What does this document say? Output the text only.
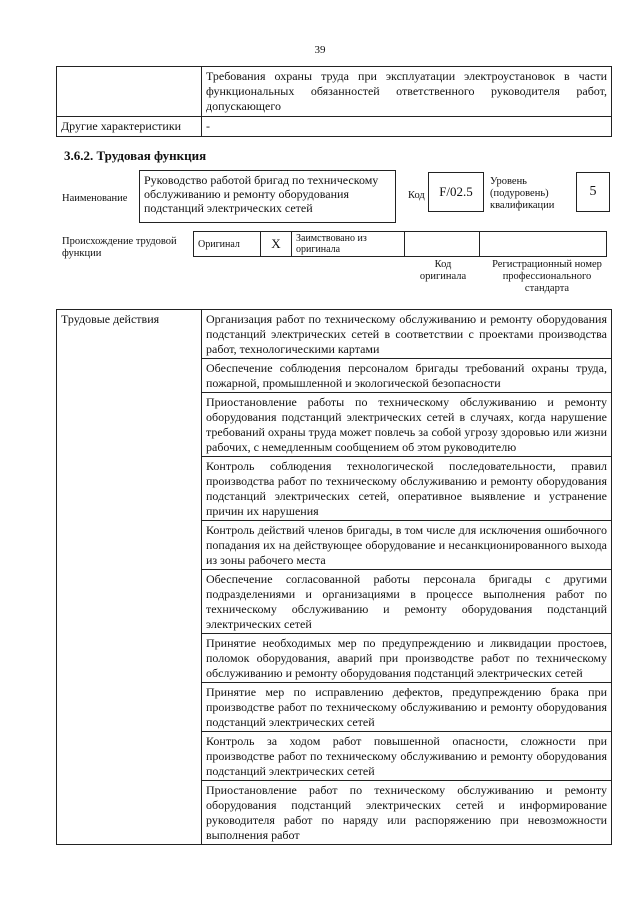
39
	Требования охраны труда при эксплуатации электроустановок в части функциональных обязанностей ответственного руководителя работ, допускающего
Другие характеристики	-
3.6.2. Трудовая функция
Наименование
Руководство работой бригад по техническому обслуживанию и ремонту оборудования подстанций электрических сетей
Код	F/02.5
Уровень (подуровень) квалификации
5
Происхождение трудовой функции
Оригинал	X	Заимствовано из оригинала		
Код оригинала
Регистрационный номер профессионального стандарта
Трудовые действия	Организация работ по техническому обслуживанию и ремонту оборудования подстанций электрических сетей в соответствии с проектами производства работ, технологическими картами
Обеспечение соблюдения персоналом бригады требований охраны труда, пожарной, промышленной и экологической безопасности
Приостановление работы по техническому обслуживанию и ремонту оборудования подстанций электрических сетей в случаях, когда нарушение требований охраны труда может повлечь за собой угрозу здоровью или жизни рабочих, с немедленным сообщением об этом руководителю
Контроль соблюдения технологической последовательности, правил производства работ по техническому обслуживанию и ремонту оборудования подстанций электрических сетей, оперативное выявление и устранение причин их нарушения
Контроль действий членов бригады, в том числе для исключения ошибочного попадания их на действующее оборудование и несанкционированного выхода из зоны рабочего места
Обеспечение согласованной работы персонала бригады с другими подразделениями и организациями в процессе выполнения работ по техническому обслуживанию и ремонту оборудования подстанций электрических сетей
Принятие необходимых мер по предупреждению и ликвидации простоев, поломок оборудования, аварий при производстве работ по техническому обслуживанию и ремонту оборудования подстанций электрических сетей
Принятие мер по исправлению дефектов, предупреждению брака при производстве работ по техническому обслуживанию и ремонту оборудования подстанций электрических сетей
Контроль за ходом работ повышенной опасности, сложности при производстве работ по техническому обслуживанию и ремонту оборудования подстанций электрических сетей
Приостановление работ по техническому обслуживанию и ремонту оборудования подстанций электрических сетей и информирование руководителя работ по наряду или распоряжению при невозможности выполнения работ
